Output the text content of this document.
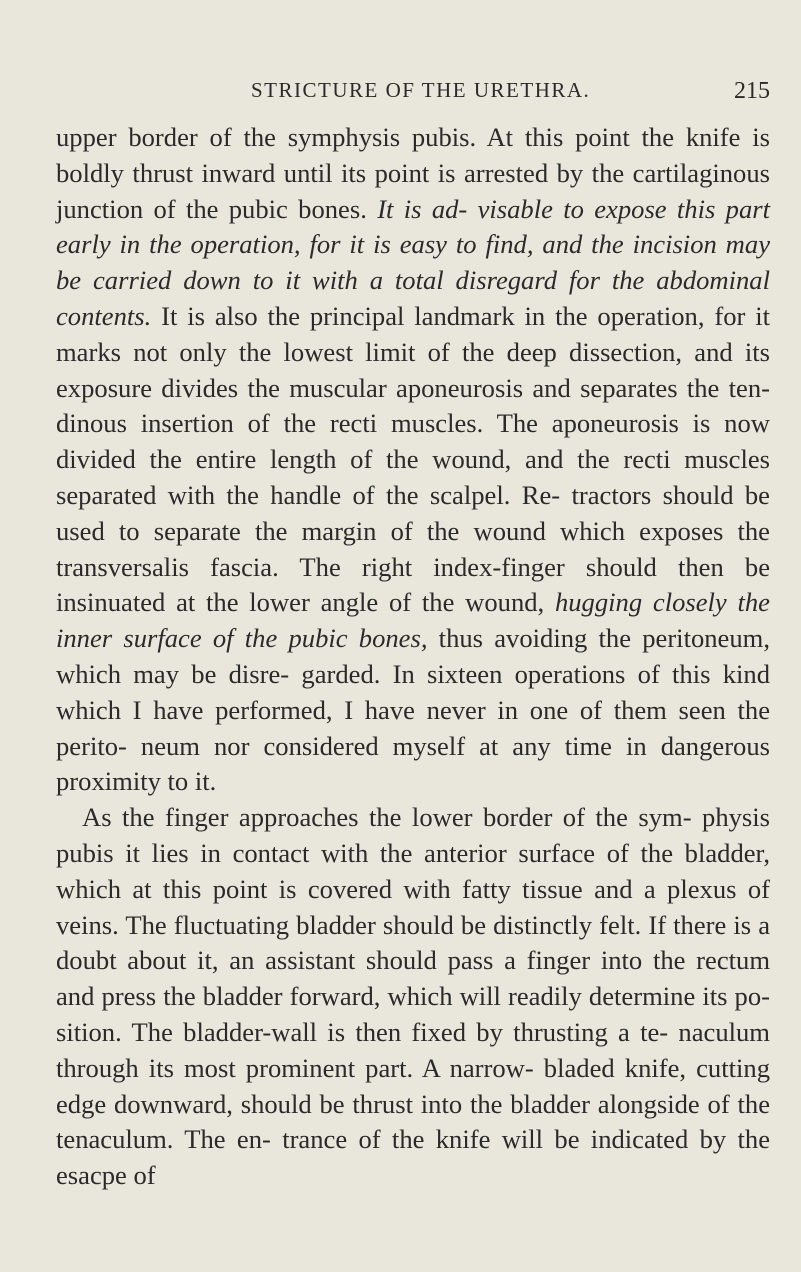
STRICTURE OF THE URETHRA.	215

upper border of the symphysis pubis. At this point the knife is boldly thrust inward until its point is arrested by the cartilaginous junction of the pubic bones. It is ad- visable to expose this part early in the operation, for it is easy to find, and the incision may be carried down to it with a total disregard for the abdominal contents. It is also the principal landmark in the operation, for it marks not only the lowest limit of the deep dissection, and its exposure divides the muscular aponeurosis and separates the ten- dinous insertion of the recti muscles. The aponeurosis is now divided the entire length of the wound, and the recti muscles separated with the handle of the scalpel. Re- tractors should be used to separate the margin of the wound which exposes the transversalis fascia. The right index-finger should then be insinuated at the lower angle of the wound, hugging closely the inner surface of the pubic bones, thus avoiding the peritoneum, which may be disre- garded. In sixteen operations of this kind which I have performed, I have never in one of them seen the perito- neum nor considered myself at any time in dangerous proximity to it.

As the finger approaches the lower border of the sym- physis pubis it lies in contact with the anterior surface of the bladder, which at this point is covered with fatty tissue and a plexus of veins. The fluctuating bladder should be distinctly felt. If there is a doubt about it, an assistant should pass a finger into the rectum and press the bladder forward, which will readily determine its po- sition. The bladder-wall is then fixed by thrusting a te- naculum through its most prominent part. A narrow- bladed knife, cutting edge downward, should be thrust into the bladder alongside of the tenaculum. The en- trance of the knife will be indicated by the esacpe of
